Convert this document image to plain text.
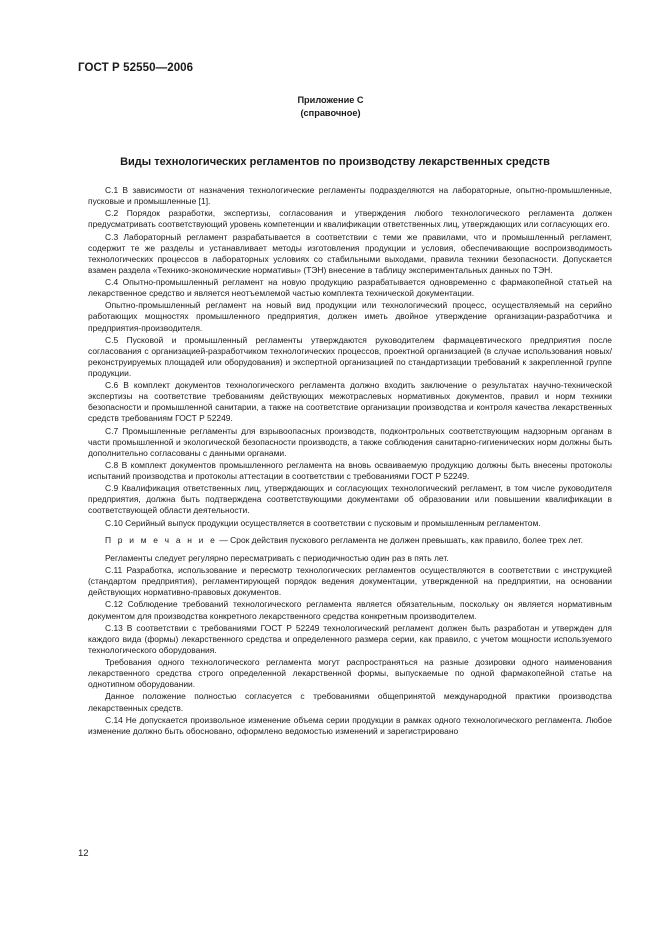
ГОСТ Р 52550—2006
Приложение С
(справочное)
Виды технологических регламентов по производству лекарственных средств

С.1 В зависимости от назначения технологические регламенты подразделяются на лабораторные, опытно-промышленные, пусковые и промышленные [1].

С.2 Порядок разработки, экспертизы, согласования и утверждения любого технологического регламента должен предусматривать соответствующий уровень компетенции и квалификации ответственных лиц, утверждающих или согласующих его.

С.3 Лабораторный регламент разрабатывается в соответствии с теми же правилами, что и промышленный регламент, содержит те же разделы и устанавливает методы изготовления продукции и условия, обеспечивающие воспроизводимость технологических процессов в лабораторных условиях со стабильными выходами, правила техники безопасности. Допускается взамен раздела «Технико-экономические нормативы» (ТЭН) внесение в таблицу экспериментальных данных по ТЭН.

С.4 Опытно-промышленный регламент на новую продукцию разрабатывается одновременно с фармакопейной статьей на лекарственное средство и является неотъемлемой частью комплекта технической документации.

Опытно-промышленный регламент на новый вид продукции или технологический процесс, осуществляемый на серийно работающих мощностях промышленного предприятия, должен иметь двойное утверждение организации-разработчика и предприятия-производителя.

С.5 Пусковой и промышленный регламенты утверждаются руководителем фармацевтического предприятия после согласования с организацией-разработчиком технологических процессов, проектной организацией (в случае использования новых/реконструируемых площадей или оборудования) и экспертной организацией по стандартизации требований к закрепленной группе продукции.

С.6 В комплект документов технологического регламента должно входить заключение о результатах научно-технической экспертизы на соответствие требованиям действующих межотраслевых нормативных документов, правил и норм техники безопасности и промышленной санитарии, а также на соответствие организации производства и контроля качества лекарственных средств требованиям ГОСТ Р 52249.

С.7 Промышленные регламенты для взрывоопасных производств, подконтрольных соответствующим надзорным органам в части промышленной и экологической безопасности производств, а также соблюдения санитарно-гигиенических норм должны быть дополнительно согласованы с данными органами.

С.8 В комплект документов промышленного регламента на вновь осваиваемую продукцию должны быть внесены протоколы испытаний производства и протоколы аттестации в соответствии с требованиями ГОСТ Р 52249.

С.9 Квалификация ответственных лиц, утверждающих и согласующих технологический регламент, в том числе руководителя предприятия, должна быть подтверждена соответствующими документами об образовании или повышении квалификации в соответствующей области деятельности.

С.10 Серийный выпуск продукции осуществляется в соответствии с пусковым и промышленным регламентом.

П р и м е ч а н и е — Срок действия пускового регламента не должен превышать, как правило, более трех лет.

Регламенты следует регулярно пересматривать с периодичностью один раз в пять лет.

С.11 Разработка, использование и пересмотр технологических регламентов осуществляются в соответствии с инструкцией (стандартом предприятия), регламентирующей порядок ведения документации, утвержденной на предприятии, на основании действующих нормативно-правовых документов.

С.12 Соблюдение требований технологического регламента является обязательным, поскольку он является нормативным документом для производства конкретного лекарственного средства конкретным производителем.

С.13 В соответствии с требованиями ГОСТ Р 52249 технологический регламент должен быть разработан и утвержден для каждого вида (формы) лекарственного средства и определенного размера серии, как правило, с учетом мощности используемого технологического оборудования.

Требования одного технологического регламента могут распространяться на разные дозировки одного наименования лекарственного средства строго определенной лекарственной формы, выпускаемые по одной фармакопейной статье на однотипном оборудовании.

Данное положение полностью согласуется с требованиями общепринятой международной практики производства лекарственных средств.

С.14 Не допускается произвольное изменение объема серии продукции в рамках одного технологического регламента. Любое изменение должно быть обосновано, оформлено ведомостью изменений и зарегистрировано

12
